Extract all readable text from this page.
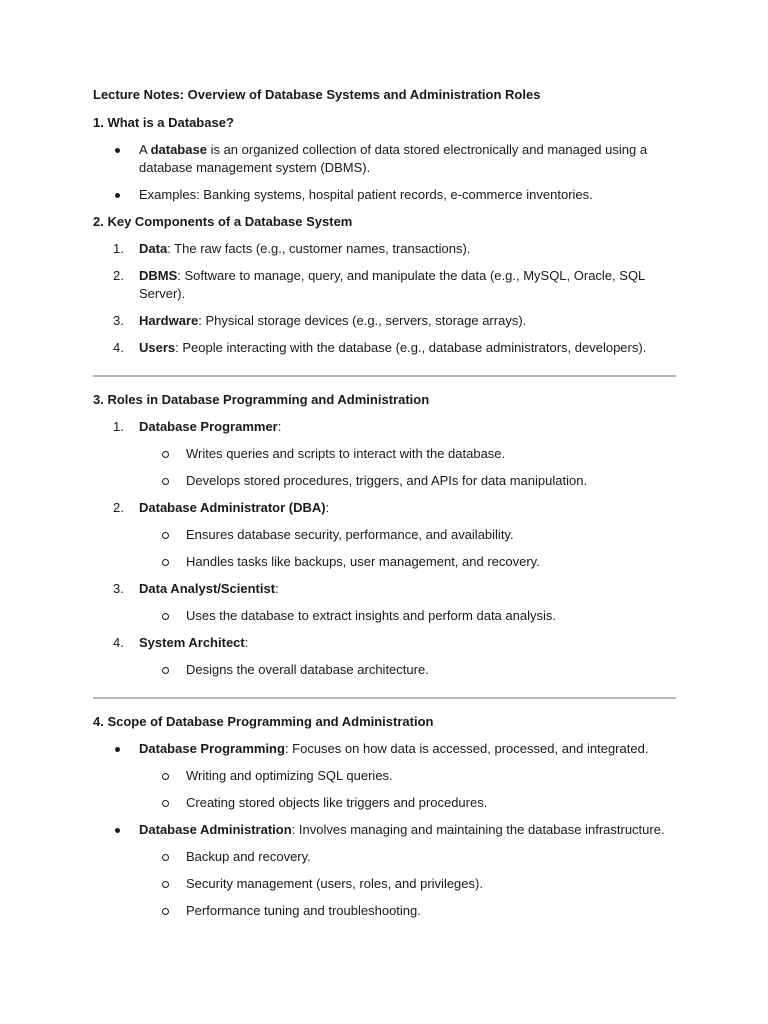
Lecture Notes: Overview of Database Systems and Administration Roles

1. What is a Database?

A database is an organized collection of data stored electronically and managed using a database management system (DBMS).
Examples: Banking systems, hospital patient records, e-commerce inventories.

2. Key Components of a Database System

1. Data: The raw facts (e.g., customer names, transactions).
2. DBMS: Software to manage, query, and manipulate the data (e.g., MySQL, Oracle, SQL Server).
3. Hardware: Physical storage devices (e.g., servers, storage arrays).
4. Users: People interacting with the database (e.g., database administrators, developers).

3. Roles in Database Programming and Administration

1. Database Programmer:
Writes queries and scripts to interact with the database.
Develops stored procedures, triggers, and APIs for data manipulation.
2. Database Administrator (DBA):
Ensures database security, performance, and availability.
Handles tasks like backups, user management, and recovery.
3. Data Analyst/Scientist:
Uses the database to extract insights and perform data analysis.
4. System Architect:
Designs the overall database architecture.

4. Scope of Database Programming and Administration

Database Programming: Focuses on how data is accessed, processed, and integrated.
Writing and optimizing SQL queries.
Creating stored objects like triggers and procedures.
Database Administration: Involves managing and maintaining the database infrastructure.
Backup and recovery.
Security management (users, roles, and privileges).
Performance tuning and troubleshooting.
